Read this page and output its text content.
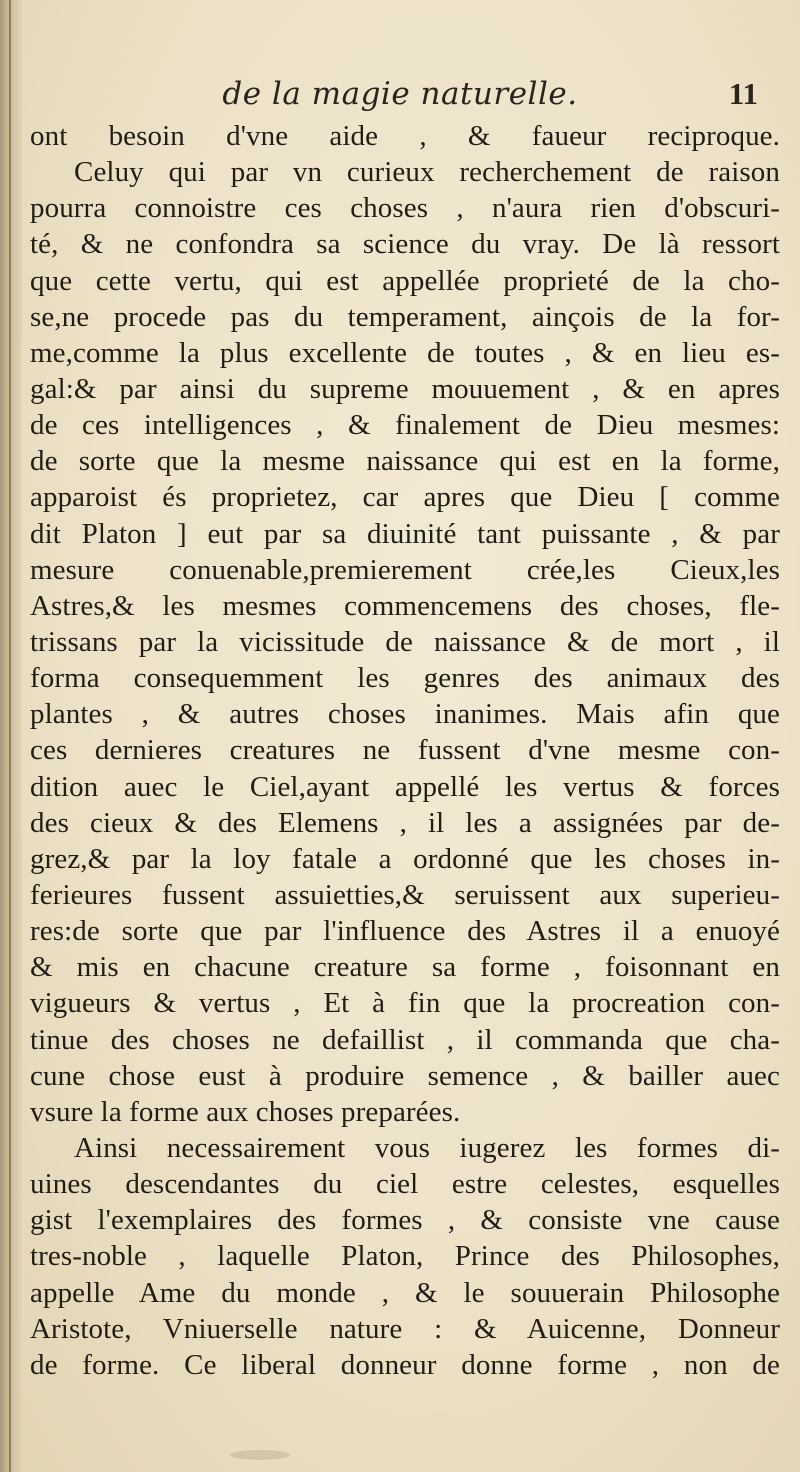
de la magie naturelle.	11
ont besoin d'vne aide , & faueur reciproque.
Celuy qui par vn curieux recherchement de raison
pourra connoistre ces choses , n'aura rien d'obscuri-
té, & ne confondra sa science du vray. De là ressort
que cette vertu, qui est appellée proprieté de la cho-
se,ne procede pas du temperament, ainçois de la for-
me,comme la plus excellente de toutes , & en lieu es-
gal:& par ainsi du supreme mouuement , & en apres
de ces intelligences , & finalement de Dieu mesmes:
de sorte que la mesme naissance qui est en la forme,
apparoist és proprietez, car apres que Dieu [ comme
dit Platon ] eut par sa diuinité tant puissante , & par
mesure conuenable,premierement crée,les Cieux,les
Astres,& les mesmes commencemens des choses, fle-
trissans par la vicissitude de naissance & de mort , il
forma consequemment les genres des animaux des
plantes , & autres choses inanimes. Mais afin que
ces dernieres creatures ne fussent d'vne mesme con-
dition auec le Ciel,ayant appellé les vertus & forces
des cieux & des Elemens , il les a assignées par de-
grez,& par la loy fatale a ordonné que les choses in-
ferieures fussent assuietties,& seruissent aux superieu-
res:de sorte que par l'influence des Astres il a enuoyé
& mis en chacune creature sa forme , foisonnant en
vigueurs & vertus , Et à fin que la procreation con-
tinue des choses ne defaillist , il commanda que cha-
cune chose eust à produire semence , & bailler auec
vsure la forme aux choses preparées.
Ainsi necessairement vous iugerez les formes di-
uines descendantes du ciel estre celestes, esquelles
gist l'exemplaires des formes , & consiste vne cause
tres-noble , laquelle Platon, Prince des Philosophes,
appelle Ame du monde , & le souuerain Philosophe
Aristote, Vniuerselle nature : & Auicenne, Donneur
de forme. Ce liberal donneur donne forme , non de
